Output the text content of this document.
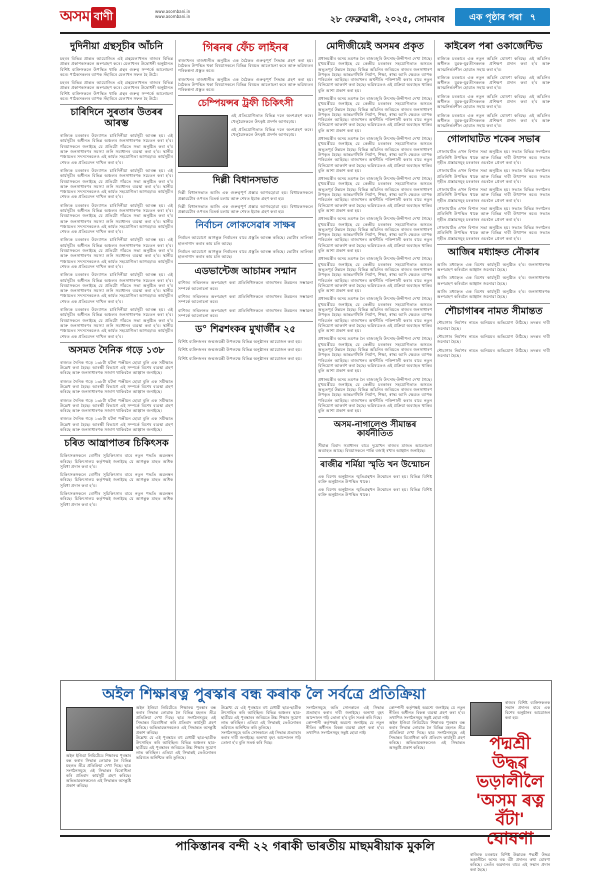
অসম বাণী	www.asombani.in
www.asombani.in	২৮ ফেব্ৰুৱাৰী, ২০২৫, সোমবাৰ	এক পৃষ্ঠাৰ পৰা ৭
দুদিনীয়া গ্ৰন্থসূচীৰ আঁচনি

চহৰৰ বিভিন্ন প্ৰান্তত আয়োজিত এই গ্ৰন্থমেলাখনত ৰাজ্যৰ বিভিন্ন প্ৰান্তৰ প্ৰকাশকসকলে অংশগ্ৰহণ কৰে। মেলাখনৰ উদ্বোধনী অনুষ্ঠানত বিশিষ্ট ব্যক্তিসকলে উপস্থিত থাকি গ্ৰন্থৰ গুৰুত্ব সম্পৰ্কে আলোচনা কৰে। পাঠকসকলৰ ব্যাপক সঁহাৰিৰে মেলাখন সফল হৈ উঠে।

চহৰৰ বিভিন্ন প্ৰান্তত আয়োজিত এই গ্ৰন্থমেলাখনত ৰাজ্যৰ বিভিন্ন প্ৰান্তৰ প্ৰকাশকসকলে অংশগ্ৰহণ কৰে। মেলাখনৰ উদ্বোধনী অনুষ্ঠানত বিশিষ্ট ব্যক্তিসকলে উপস্থিত থাকি গ্ৰন্থৰ গুৰুত্ব সম্পৰ্কে আলোচনা কৰে। পাঠকসকলৰ ব্যাপক সঁহাৰিৰে মেলাখন সফল হৈ উঠে।

চাৰিদিনে সুৰতাৰ উতৰৰ আৰম্ভ

ৰাজ্যিক চৰকাৰৰ উদ্যোগত চাৰিদিনীয়া কাৰ্যসূচী আৰম্ভ হয়। এই কাৰ্যসূচীৰ অধীনত বিভিন্ন অঞ্চলৰ জনসাধাৰণক সচেতন কৰা হ'ব। বিষয়াসকলে জনাইছে যে প্ৰতিটো গাঁৱতে সভা অনুষ্ঠিত কৰা হ'ব আৰু জনসাধাৰণৰ সমস্যা শুনি সমাধানৰ ব্যৱস্থা কৰা হ'ব। স্থানীয় পঞ্চায়তৰ সদস্যসকলেও এই কাৰ্যত সহযোগিতা আগবঢ়াব। কাৰ্যসূচীৰ শেষত এক প্ৰতিবেদন দাখিল কৰা হ'ব।

ৰাজ্যিক চৰকাৰৰ উদ্যোগত চাৰিদিনীয়া কাৰ্যসূচী আৰম্ভ হয়। এই কাৰ্যসূচীৰ অধীনত বিভিন্ন অঞ্চলৰ জনসাধাৰণক সচেতন কৰা হ'ব। বিষয়াসকলে জনাইছে যে প্ৰতিটো গাঁৱতে সভা অনুষ্ঠিত কৰা হ'ব আৰু জনসাধাৰণৰ সমস্যা শুনি সমাধানৰ ব্যৱস্থা কৰা হ'ব। স্থানীয় পঞ্চায়তৰ সদস্যসকলেও এই কাৰ্যত সহযোগিতা আগবঢ়াব। কাৰ্যসূচীৰ শেষত এক প্ৰতিবেদন দাখিল কৰা হ'ব।

ৰাজ্যিক চৰকাৰৰ উদ্যোগত চাৰিদিনীয়া কাৰ্যসূচী আৰম্ভ হয়। এই কাৰ্যসূচীৰ অধীনত বিভিন্ন অঞ্চলৰ জনসাধাৰণক সচেতন কৰা হ'ব। বিষয়াসকলে জনাইছে যে প্ৰতিটো গাঁৱতে সভা অনুষ্ঠিত কৰা হ'ব আৰু জনসাধাৰণৰ সমস্যা শুনি সমাধানৰ ব্যৱস্থা কৰা হ'ব। স্থানীয় পঞ্চায়তৰ সদস্যসকলেও এই কাৰ্যত সহযোগিতা আগবঢ়াব। কাৰ্যসূচীৰ শেষত এক প্ৰতিবেদন দাখিল কৰা হ'ব।

ৰাজ্যিক চৰকাৰৰ উদ্যোগত চাৰিদিনীয়া কাৰ্যসূচী আৰম্ভ হয়। এই কাৰ্যসূচীৰ অধীনত বিভিন্ন অঞ্চলৰ জনসাধাৰণক সচেতন কৰা হ'ব। বিষয়াসকলে জনাইছে যে প্ৰতিটো গাঁৱতে সভা অনুষ্ঠিত কৰা হ'ব আৰু জনসাধাৰণৰ সমস্যা শুনি সমাধানৰ ব্যৱস্থা কৰা হ'ব। স্থানীয় পঞ্চায়তৰ সদস্যসকলেও এই কাৰ্যত সহযোগিতা আগবঢ়াব। কাৰ্যসূচীৰ শেষত এক প্ৰতিবেদন দাখিল কৰা হ'ব।

ৰাজ্যিক চৰকাৰৰ উদ্যোগত চাৰিদিনীয়া কাৰ্যসূচী আৰম্ভ হয়। এই কাৰ্যসূচীৰ অধীনত বিভিন্ন অঞ্চলৰ জনসাধাৰণক সচেতন কৰা হ'ব। বিষয়াসকলে জনাইছে যে প্ৰতিটো গাঁৱতে সভা অনুষ্ঠিত কৰা হ'ব আৰু জনসাধাৰণৰ সমস্যা শুনি সমাধানৰ ব্যৱস্থা কৰা হ'ব। স্থানীয় পঞ্চায়তৰ সদস্যসকলেও এই কাৰ্যত সহযোগিতা আগবঢ়াব। কাৰ্যসূচীৰ শেষত এক প্ৰতিবেদন দাখিল কৰা হ'ব।

ৰাজ্যিক চৰকাৰৰ উদ্যোগত চাৰিদিনীয়া কাৰ্যসূচী আৰম্ভ হয়। এই কাৰ্যসূচীৰ অধীনত বিভিন্ন অঞ্চলৰ জনসাধাৰণক সচেতন কৰা হ'ব। বিষয়াসকলে জনাইছে যে প্ৰতিটো গাঁৱতে সভা অনুষ্ঠিত কৰা হ'ব আৰু জনসাধাৰণৰ সমস্যা শুনি সমাধানৰ ব্যৱস্থা কৰা হ'ব। স্থানীয় পঞ্চায়তৰ সদস্যসকলেও এই কাৰ্যত সহযোগিতা আগবঢ়াব। কাৰ্যসূচীৰ শেষত এক প্ৰতিবেদন দাখিল কৰা হ'ব।

অসমত দৈনিক গড়ে ১৩৮

ৰাজ্যত দৈনিক গড়ে ১৩৮টা ঘটনা পঞ্জীয়ন হোৱা বুলি এক সমীক্ষাত উল্লেখ কৰা হৈছে। আৰক্ষী বিভাগে এই সম্পৰ্কে বিশেষ ব্যৱস্থা গ্ৰহণ কৰিছে আৰু জনসাধাৰণক সজাগ থাকিবলৈ আহ্বান জনাইছে।

ৰাজ্যত দৈনিক গড়ে ১৩৮টা ঘটনা পঞ্জীয়ন হোৱা বুলি এক সমীক্ষাত উল্লেখ কৰা হৈছে। আৰক্ষী বিভাগে এই সম্পৰ্কে বিশেষ ব্যৱস্থা গ্ৰহণ কৰিছে আৰু জনসাধাৰণক সজাগ থাকিবলৈ আহ্বান জনাইছে।

ৰাজ্যত দৈনিক গড়ে ১৩৮টা ঘটনা পঞ্জীয়ন হোৱা বুলি এক সমীক্ষাত উল্লেখ কৰা হৈছে। আৰক্ষী বিভাগে এই সম্পৰ্কে বিশেষ ব্যৱস্থা গ্ৰহণ কৰিছে আৰু জনসাধাৰণক সজাগ থাকিবলৈ আহ্বান জনাইছে।

ৰাজ্যত দৈনিক গড়ে ১৩৮টা ঘটনা পঞ্জীয়ন হোৱা বুলি এক সমীক্ষাত উল্লেখ কৰা হৈছে। আৰক্ষী বিভাগে এই সম্পৰ্কে বিশেষ ব্যৱস্থা গ্ৰহণ কৰিছে আৰু জনসাধাৰণক সজাগ থাকিবলৈ আহ্বান জনাইছে।

চৰিত আন্ত্ৰাপাতৰ চিকিৎসক

চিকিৎসকসকলে ৰোগীৰ সুচিকিৎসাৰ বাবে নতুন পদ্ধতি অৱলম্বন কৰিছে। চিকিৎসালয় কৰ্তৃপক্ষই জনাইছে যে আগন্তুক মাহত অধিক সুবিধা প্ৰদান কৰা হ'ব।

চিকিৎসকসকলে ৰোগীৰ সুচিকিৎসাৰ বাবে নতুন পদ্ধতি অৱলম্বন কৰিছে। চিকিৎসালয় কৰ্তৃপক্ষই জনাইছে যে আগন্তুক মাহত অধিক সুবিধা প্ৰদান কৰা হ'ব।

চিকিৎসকসকলে ৰোগীৰ সুচিকিৎসাৰ বাবে নতুন পদ্ধতি অৱলম্বন কৰিছে। চিকিৎসালয় কৰ্তৃপক্ষই জনাইছে যে আগন্তুক মাহত অধিক সুবিধা প্ৰদান কৰা হ'ব।

গিৰনৰ ফেঁচ লাইনৰ

ৰাজ্যখনৰ ৰাজধানীত অনুষ্ঠিত এক বৈঠকত গুৰুত্বপূৰ্ণ সিদ্ধান্ত গ্ৰহণ কৰা হয়। বৈঠকত উপস্থিত থকা বিষয়াসকলে বিভিন্ন বিষয়ত আলোচনা কৰে আৰু ভৱিষ্যতৰ পৰিকল্পনা প্ৰস্তুত কৰে।

ৰাজ্যখনৰ ৰাজধানীত অনুষ্ঠিত এক বৈঠকত গুৰুত্বপূৰ্ণ সিদ্ধান্ত গ্ৰহণ কৰা হয়। বৈঠকত উপস্থিত থকা বিষয়াসকলে বিভিন্ন বিষয়ত আলোচনা কৰে আৰু ভৱিষ্যতৰ পৰিকল্পনা প্ৰস্তুত কৰে।

চেম্পিয়ন্সৰ ট্ৰফী চিকিৎসী

এই প্ৰতিযোগিতাত বিভিন্ন দলে অংশগ্ৰহণ কৰে। খেলুৱৈসকলে উৎকৃষ্ট প্ৰদৰ্শন আগবঢ়ায়।

এই প্ৰতিযোগিতাত বিভিন্ন দলে অংশগ্ৰহণ কৰে। খেলুৱৈসকলে উৎকৃষ্ট প্ৰদৰ্শন আগবঢ়ায়।

দিল্লী বিধানসভাত

দিল্লী বিধানসভাত আজি এক গুৰুত্বপূৰ্ণ প্ৰস্তাৱ আগবঢ়োৱা হয়। বিধায়কসকলে প্ৰস্তাৱটোৰ ওপৰত বিতৰ্ক চলায় আৰু শেষত ইয়াক গ্ৰহণ কৰা হয়।

দিল্লী বিধানসভাত আজি এক গুৰুত্বপূৰ্ণ প্ৰস্তাৱ আগবঢ়োৱা হয়। বিধায়কসকলে প্ৰস্তাৱটোৰ ওপৰত বিতৰ্ক চলায় আৰু শেষত ইয়াক গ্ৰহণ কৰা হয়।

নিৰ্বাচন লোকসেৱাৰ সাক্ষৰ

নিৰ্বাচন আয়োগে আগন্তুক নিৰ্বাচনৰ বাবে প্ৰস্তুতি আৰম্ভ কৰিছে। ভোটাৰ তালিকা হালনাগাদ কৰাৰ কাম চলি আছে।

নিৰ্বাচন আয়োগে আগন্তুক নিৰ্বাচনৰ বাবে প্ৰস্তুতি আৰম্ভ কৰিছে। ভোটাৰ তালিকা হালনাগাদ কৰাৰ কাম চলি আছে।

এডভান্টেজ আচামৰ সন্মান

বাণিজ্য সন্মিলনত অংশগ্ৰহণ কৰা প্ৰতিনিধিসকলে ৰাজ্যখনৰ উন্নয়নৰ সম্ভাৱনা সম্পৰ্কে আলোচনা কৰে।

বাণিজ্য সন্মিলনত অংশগ্ৰহণ কৰা প্ৰতিনিধিসকলে ৰাজ্যখনৰ উন্নয়নৰ সম্ভাৱনা সম্পৰ্কে আলোচনা কৰে।

বাণিজ্য সন্মিলনত অংশগ্ৰহণ কৰা প্ৰতিনিধিসকলে ৰাজ্যখনৰ উন্নয়নৰ সম্ভাৱনা সম্পৰ্কে আলোচনা কৰে।

ড° শিৱশংকৰ মুখাৰ্জীৰ ২৫

বিশিষ্ট ব্যক্তিজনৰ জন্মজয়ন্তী উপলক্ষে বিভিন্ন অনুষ্ঠানৰ আয়োজন কৰা হয়।

বিশিষ্ট ব্যক্তিজনৰ জন্মজয়ন্তী উপলক্ষে বিভিন্ন অনুষ্ঠানৰ আয়োজন কৰা হয়।

বিশিষ্ট ব্যক্তিজনৰ জন্মজয়ন্তী উপলক্ষে বিভিন্ন অনুষ্ঠানৰ আয়োজন কৰা হয়।

মোদীজীয়েই অসমৰ প্ৰকৃত

প্ৰধানমন্ত্ৰীৰ অসম ভ্ৰমণক লৈ ৰাজ্যজুৰি উৎসাহ-উদ্দীপনা দেখা গৈছে। মুখ্যমন্ত্ৰীয়ে জনাইছে যে কেন্দ্ৰীয় চৰকাৰৰ সহযোগিতাত অসমত অভূতপূৰ্ব উন্নয়ন হৈছে। বিভিন্ন আঁচনিৰ জৰিয়তে ৰাজ্যৰ জনসাধাৰণ উপকৃত হৈছে। আন্তঃগাঁথনি নিৰ্মাণ, শিক্ষা, স্বাস্থ্য আদি ক্ষেত্ৰত ব্যাপক পৰিৱৰ্তন আহিছে। ৰাজ্যখনৰ অৰ্থনীতি শক্তিশালী কৰাৰ বাবে নতুন বিনিয়োগ আকৰ্ষণ কৰা হৈছে। ভৱিষ্যতেও এই প্ৰক্ৰিয়া অব্যাহত থাকিব বুলি আশা প্ৰকাশ কৰা হয়।

প্ৰধানমন্ত্ৰীৰ অসম ভ্ৰমণক লৈ ৰাজ্যজুৰি উৎসাহ-উদ্দীপনা দেখা গৈছে। মুখ্যমন্ত্ৰীয়ে জনাইছে যে কেন্দ্ৰীয় চৰকাৰৰ সহযোগিতাত অসমত অভূতপূৰ্ব উন্নয়ন হৈছে। বিভিন্ন আঁচনিৰ জৰিয়তে ৰাজ্যৰ জনসাধাৰণ উপকৃত হৈছে। আন্তঃগাঁথনি নিৰ্মাণ, শিক্ষা, স্বাস্থ্য আদি ক্ষেত্ৰত ব্যাপক পৰিৱৰ্তন আহিছে। ৰাজ্যখনৰ অৰ্থনীতি শক্তিশালী কৰাৰ বাবে নতুন বিনিয়োগ আকৰ্ষণ কৰা হৈছে। ভৱিষ্যতেও এই প্ৰক্ৰিয়া অব্যাহত থাকিব বুলি আশা প্ৰকাশ কৰা হয়।

প্ৰধানমন্ত্ৰীৰ অসম ভ্ৰমণক লৈ ৰাজ্যজুৰি উৎসাহ-উদ্দীপনা দেখা গৈছে। মুখ্যমন্ত্ৰীয়ে জনাইছে যে কেন্দ্ৰীয় চৰকাৰৰ সহযোগিতাত অসমত অভূতপূৰ্ব উন্নয়ন হৈছে। বিভিন্ন আঁচনিৰ জৰিয়তে ৰাজ্যৰ জনসাধাৰণ উপকৃত হৈছে। আন্তঃগাঁথনি নিৰ্মাণ, শিক্ষা, স্বাস্থ্য আদি ক্ষেত্ৰত ব্যাপক পৰিৱৰ্তন আহিছে। ৰাজ্যখনৰ অৰ্থনীতি শক্তিশালী কৰাৰ বাবে নতুন বিনিয়োগ আকৰ্ষণ কৰা হৈছে। ভৱিষ্যতেও এই প্ৰক্ৰিয়া অব্যাহত থাকিব বুলি আশা প্ৰকাশ কৰা হয়।

প্ৰধানমন্ত্ৰীৰ অসম ভ্ৰমণক লৈ ৰাজ্যজুৰি উৎসাহ-উদ্দীপনা দেখা গৈছে। মুখ্যমন্ত্ৰীয়ে জনাইছে যে কেন্দ্ৰীয় চৰকাৰৰ সহযোগিতাত অসমত অভূতপূৰ্ব উন্নয়ন হৈছে। বিভিন্ন আঁচনিৰ জৰিয়তে ৰাজ্যৰ জনসাধাৰণ উপকৃত হৈছে। আন্তঃগাঁথনি নিৰ্মাণ, শিক্ষা, স্বাস্থ্য আদি ক্ষেত্ৰত ব্যাপক পৰিৱৰ্তন আহিছে। ৰাজ্যখনৰ অৰ্থনীতি শক্তিশালী কৰাৰ বাবে নতুন বিনিয়োগ আকৰ্ষণ কৰা হৈছে। ভৱিষ্যতেও এই প্ৰক্ৰিয়া অব্যাহত থাকিব বুলি আশা প্ৰকাশ কৰা হয়।

প্ৰধানমন্ত্ৰীৰ অসম ভ্ৰমণক লৈ ৰাজ্যজুৰি উৎসাহ-উদ্দীপনা দেখা গৈছে। মুখ্যমন্ত্ৰীয়ে জনাইছে যে কেন্দ্ৰীয় চৰকাৰৰ সহযোগিতাত অসমত অভূতপূৰ্ব উন্নয়ন হৈছে। বিভিন্ন আঁচনিৰ জৰিয়তে ৰাজ্যৰ জনসাধাৰণ উপকৃত হৈছে। আন্তঃগাঁথনি নিৰ্মাণ, শিক্ষা, স্বাস্থ্য আদি ক্ষেত্ৰত ব্যাপক পৰিৱৰ্তন আহিছে। ৰাজ্যখনৰ অৰ্থনীতি শক্তিশালী কৰাৰ বাবে নতুন বিনিয়োগ আকৰ্ষণ কৰা হৈছে। ভৱিষ্যতেও এই প্ৰক্ৰিয়া অব্যাহত থাকিব বুলি আশা প্ৰকাশ কৰা হয়।

প্ৰধানমন্ত্ৰীৰ অসম ভ্ৰমণক লৈ ৰাজ্যজুৰি উৎসাহ-উদ্দীপনা দেখা গৈছে। মুখ্যমন্ত্ৰীয়ে জনাইছে যে কেন্দ্ৰীয় চৰকাৰৰ সহযোগিতাত অসমত অভূতপূৰ্ব উন্নয়ন হৈছে। বিভিন্ন আঁচনিৰ জৰিয়তে ৰাজ্যৰ জনসাধাৰণ উপকৃত হৈছে। আন্তঃগাঁথনি নিৰ্মাণ, শিক্ষা, স্বাস্থ্য আদি ক্ষেত্ৰত ব্যাপক পৰিৱৰ্তন আহিছে। ৰাজ্যখনৰ অৰ্থনীতি শক্তিশালী কৰাৰ বাবে নতুন বিনিয়োগ আকৰ্ষণ কৰা হৈছে। ভৱিষ্যতেও এই প্ৰক্ৰিয়া অব্যাহত থাকিব বুলি আশা প্ৰকাশ কৰা হয়।

প্ৰধানমন্ত্ৰীৰ অসম ভ্ৰমণক লৈ ৰাজ্যজুৰি উৎসাহ-উদ্দীপনা দেখা গৈছে। মুখ্যমন্ত্ৰীয়ে জনাইছে যে কেন্দ্ৰীয় চৰকাৰৰ সহযোগিতাত অসমত অভূতপূৰ্ব উন্নয়ন হৈছে। বিভিন্ন আঁচনিৰ জৰিয়তে ৰাজ্যৰ জনসাধাৰণ উপকৃত হৈছে। আন্তঃগাঁথনি নিৰ্মাণ, শিক্ষা, স্বাস্থ্য আদি ক্ষেত্ৰত ব্যাপক পৰিৱৰ্তন আহিছে। ৰাজ্যখনৰ অৰ্থনীতি শক্তিশালী কৰাৰ বাবে নতুন বিনিয়োগ আকৰ্ষণ কৰা হৈছে। ভৱিষ্যতেও এই প্ৰক্ৰিয়া অব্যাহত থাকিব বুলি আশা প্ৰকাশ কৰা হয়।

প্ৰধানমন্ত্ৰীৰ অসম ভ্ৰমণক লৈ ৰাজ্যজুৰি উৎসাহ-উদ্দীপনা দেখা গৈছে। মুখ্যমন্ত্ৰীয়ে জনাইছে যে কেন্দ্ৰীয় চৰকাৰৰ সহযোগিতাত অসমত অভূতপূৰ্ব উন্নয়ন হৈছে। বিভিন্ন আঁচনিৰ জৰিয়তে ৰাজ্যৰ জনসাধাৰণ উপকৃত হৈছে। আন্তঃগাঁথনি নিৰ্মাণ, শিক্ষা, স্বাস্থ্য আদি ক্ষেত্ৰত ব্যাপক পৰিৱৰ্তন আহিছে। ৰাজ্যখনৰ অৰ্থনীতি শক্তিশালী কৰাৰ বাবে নতুন বিনিয়োগ আকৰ্ষণ কৰা হৈছে। ভৱিষ্যতেও এই প্ৰক্ৰিয়া অব্যাহত থাকিব বুলি আশা প্ৰকাশ কৰা হয়।

প্ৰধানমন্ত্ৰীৰ অসম ভ্ৰমণক লৈ ৰাজ্যজুৰি উৎসাহ-উদ্দীপনা দেখা গৈছে। মুখ্যমন্ত্ৰীয়ে জনাইছে যে কেন্দ্ৰীয় চৰকাৰৰ সহযোগিতাত অসমত অভূতপূৰ্ব উন্নয়ন হৈছে। বিভিন্ন আঁচনিৰ জৰিয়তে ৰাজ্যৰ জনসাধাৰণ উপকৃত হৈছে। আন্তঃগাঁথনি নিৰ্মাণ, শিক্ষা, স্বাস্থ্য আদি ক্ষেত্ৰত ব্যাপক পৰিৱৰ্তন আহিছে। ৰাজ্যখনৰ অৰ্থনীতি শক্তিশালী কৰাৰ বাবে নতুন বিনিয়োগ আকৰ্ষণ কৰা হৈছে। ভৱিষ্যতেও এই প্ৰক্ৰিয়া অব্যাহত থাকিব বুলি আশা প্ৰকাশ কৰা হয়।

অসম-নাগালেণ্ড সীমান্তৰ কাৰ্যনীতিত

সীমান্ত বিবাদ সমাধানৰ বাবে দুয়োখন ৰাজ্যৰ মাজত আলোচনা অব্যাহত আছে। বিষয়াসকলে শান্তি বজাই ৰখাৰ আহ্বান জনাইছে।

ৰাজীৱ শৰ্মিয়া স্মৃতি খন উন্মোচন

এক বিশেষ অনুষ্ঠানত স্মৃতিগ্ৰন্থখন উন্মোচন কৰা হয়। বিভিন্ন বিশিষ্ট ব্যক্তি অনুষ্ঠানত উপস্থিত থাকে।

এক বিশেষ অনুষ্ঠানত স্মৃতিগ্ৰন্থখন উন্মোচন কৰা হয়। বিভিন্ন বিশিষ্ট ব্যক্তি অনুষ্ঠানত উপস্থিত থাকে।

কাইৰেল পৰা ওকাজেন্টিভ

ৰাজ্যিক চৰকাৰে এক নতুন আঁচনি ঘোষণা কৰিছে। এই আঁচনিৰ অধীনত যুৱক-যুৱতীসকলক প্ৰশিক্ষণ প্ৰদান কৰা হ'ব আৰু আত্মনিৰ্ভৰশীল হোৱাত সহায় কৰা হ'ব।

ৰাজ্যিক চৰকাৰে এক নতুন আঁচনি ঘোষণা কৰিছে। এই আঁচনিৰ অধীনত যুৱক-যুৱতীসকলক প্ৰশিক্ষণ প্ৰদান কৰা হ'ব আৰু আত্মনিৰ্ভৰশীল হোৱাত সহায় কৰা হ'ব।

ৰাজ্যিক চৰকাৰে এক নতুন আঁচনি ঘোষণা কৰিছে। এই আঁচনিৰ অধীনত যুৱক-যুৱতীসকলক প্ৰশিক্ষণ প্ৰদান কৰা হ'ব আৰু আত্মনিৰ্ভৰশীল হোৱাত সহায় কৰা হ'ব।

ৰাজ্যিক চৰকাৰে এক নতুন আঁচনি ঘোষণা কৰিছে। এই আঁচনিৰ অধীনত যুৱক-যুৱতীসকলক প্ৰশিক্ষণ প্ৰদান কৰা হ'ব আৰু আত্মনিৰ্ভৰশীল হোৱাত সহায় কৰা হ'ব।

গোলাঘাটত শকেৰ সভাৰ

গোলাঘাটত এখন বিশাল সভা অনুষ্ঠিত হয়। সভাত বিভিন্ন সংগঠনৰ প্ৰতিনিধি উপস্থিত থাকে আৰু বিভিন্ন দাবী উত্থাপন কৰে। সভাত গৃহীত প্ৰস্তাৱসমূহ চৰকাৰৰ ওচৰলৈ প্ৰেৰণ কৰা হ'ব।

গোলাঘাটত এখন বিশাল সভা অনুষ্ঠিত হয়। সভাত বিভিন্ন সংগঠনৰ প্ৰতিনিধি উপস্থিত থাকে আৰু বিভিন্ন দাবী উত্থাপন কৰে। সভাত গৃহীত প্ৰস্তাৱসমূহ চৰকাৰৰ ওচৰলৈ প্ৰেৰণ কৰা হ'ব।

গোলাঘাটত এখন বিশাল সভা অনুষ্ঠিত হয়। সভাত বিভিন্ন সংগঠনৰ প্ৰতিনিধি উপস্থিত থাকে আৰু বিভিন্ন দাবী উত্থাপন কৰে। সভাত গৃহীত প্ৰস্তাৱসমূহ চৰকাৰৰ ওচৰলৈ প্ৰেৰণ কৰা হ'ব।

গোলাঘাটত এখন বিশাল সভা অনুষ্ঠিত হয়। সভাত বিভিন্ন সংগঠনৰ প্ৰতিনিধি উপস্থিত থাকে আৰু বিভিন্ন দাবী উত্থাপন কৰে। সভাত গৃহীত প্ৰস্তাৱসমূহ চৰকাৰৰ ওচৰলৈ প্ৰেৰণ কৰা হ'ব।

গোলাঘাটত এখন বিশাল সভা অনুষ্ঠিত হয়। সভাত বিভিন্ন সংগঠনৰ প্ৰতিনিধি উপস্থিত থাকে আৰু বিভিন্ন দাবী উত্থাপন কৰে। সভাত গৃহীত প্ৰস্তাৱসমূহ চৰকাৰৰ ওচৰলৈ প্ৰেৰণ কৰা হ'ব।

আজিৰ মধ্যাহ্নত নৌকাৰ

আজি মধ্যাহ্নত এক বিশেষ কাৰ্যসূচী অনুষ্ঠিত হ'ব। জনসাধাৰণক অংশগ্ৰহণ কৰিবলৈ আহ্বান জনোৱা হৈছে।

আজি মধ্যাহ্নত এক বিশেষ কাৰ্যসূচী অনুষ্ঠিত হ'ব। জনসাধাৰণক অংশগ্ৰহণ কৰিবলৈ আহ্বান জনোৱা হৈছে।

আজি মধ্যাহ্নত এক বিশেষ কাৰ্যসূচী অনুষ্ঠিত হ'ব। জনসাধাৰণক অংশগ্ৰহণ কৰিবলৈ আহ্বান জনোৱা হৈছে।

শৌচাগাৰৰ নামত সীমান্তত

শৌচাগাৰ নিৰ্মাণৰ নামত অনিয়মৰ অভিযোগ উঠিছে। তদন্তৰ দাবী জনোৱা হৈছে।

শৌচাগাৰ নিৰ্মাণৰ নামত অনিয়মৰ অভিযোগ উঠিছে। তদন্তৰ দাবী জনোৱা হৈছে।

শৌচাগাৰ নিৰ্মাণৰ নামত অনিয়মৰ অভিযোগ উঠিছে। তদন্তৰ দাবী জনোৱা হৈছে।

অইল শিক্ষাৰত্ন পুৰস্কাৰ বন্ধ কৰাক লৈ সৰ্বত্ৰে প্ৰতিক্ৰিয়া
অইল ইণ্ডিয়া লিমিটেডে শিক্ষাৰত্ন পুৰস্কাৰ বন্ধ কৰাৰ সিদ্ধান্ত লোৱাক লৈ বিভিন্ন মহলত তীব্ৰ প্ৰতিক্ৰিয়া দেখা দিছে। ছাত্ৰ সংগঠনসমূহে এই সিদ্ধান্তৰ বিৰোধিতা কৰি প্ৰতিবাদ কাৰ্যসূচী গ্ৰহণ কৰিছে। অভিভাৱকসকলেও এই সিদ্ধান্তত অসন্তুষ্টি প্ৰকাশ কৰিছে।
অইল ইণ্ডিয়া লিমিটেডে শিক্ষাৰত্ন পুৰস্কাৰ বন্ধ কৰাৰ সিদ্ধান্ত লোৱাক লৈ বিভিন্ন মহলত তীব্ৰ প্ৰতিক্ৰিয়া দেখা দিছে। ছাত্ৰ সংগঠনসমূহে এই সিদ্ধান্তৰ বিৰোধিতা কৰি প্ৰতিবাদ কাৰ্যসূচী গ্ৰহণ কৰিছে। অভিভাৱকসকলেও এই সিদ্ধান্তত অসন্তুষ্টি প্ৰকাশ কৰিছে।
উল্লেখ্য যে এই পুৰস্কাৰে বহু মেধাৱী ছাত্ৰ-ছাত্ৰীক উৎসাহিত কৰি আহিছিল। বিভিন্ন অঞ্চলৰ ছাত্ৰ-ছাত্ৰীয়ে এই পুৰস্কাৰৰ জৰিয়তে উচ্চ শিক্ষাৰ সুযোগ লাভ কৰিছিল। এতিয়া এই সিদ্ধান্তই তেওঁলোকৰ ভৱিষ্যত অনিশ্চিত কৰি তুলিছে।
উল্লেখ্য যে এই পুৰস্কাৰে বহু মেধাৱী ছাত্ৰ-ছাত্ৰীক উৎসাহিত কৰি আহিছিল। বিভিন্ন অঞ্চলৰ ছাত্ৰ-ছাত্ৰীয়ে এই পুৰস্কাৰৰ জৰিয়তে উচ্চ শিক্ষাৰ সুযোগ লাভ কৰিছিল। এতিয়া এই সিদ্ধান্তই তেওঁলোকৰ ভৱিষ্যত অনিশ্চিত কৰি তুলিছে।
সংগঠনসমূহে অতি সোনকালে এই সিদ্ধান্ত প্ৰত্যাহাৰ কৰাৰ দাবী জনাইছে। অন্যথা বৃহৎ আন্দোলন গঢ়ি তোলা হ'ব বুলি সতৰ্ক কৰি দিছে।
সংগঠনসমূহে অতি সোনকালে এই সিদ্ধান্ত প্ৰত্যাহাৰ কৰাৰ দাবী জনাইছে। অন্যথা বৃহৎ আন্দোলন গঢ়ি তোলা হ'ব বুলি সতৰ্ক কৰি দিছে।
কোম্পানী কৰ্তৃপক্ষই অৱশ্যে জনাইছে যে নতুন নীতিৰ অধীনত বিকল্প ব্যৱস্থা গ্ৰহণ কৰা হ'ব। তথাপিও সংগঠনসমূহ সন্তুষ্ট হোৱা নাই।
কোম্পানী কৰ্তৃপক্ষই অৱশ্যে জনাইছে যে নতুন নীতিৰ অধীনত বিকল্প ব্যৱস্থা গ্ৰহণ কৰা হ'ব। তথাপিও সংগঠনসমূহ সন্তুষ্ট হোৱা নাই।
অইল ইণ্ডিয়া লিমিটেডে শিক্ষাৰত্ন পুৰস্কাৰ বন্ধ কৰাৰ সিদ্ধান্ত লোৱাক লৈ বিভিন্ন মহলত তীব্ৰ প্ৰতিক্ৰিয়া দেখা দিছে। ছাত্ৰ সংগঠনসমূহে এই সিদ্ধান্তৰ বিৰোধিতা কৰি প্ৰতিবাদ কাৰ্যসূচী গ্ৰহণ কৰিছে। অভিভাৱকসকলেও এই সিদ্ধান্তত অসন্তুষ্টি প্ৰকাশ কৰিছে।
ৰাজ্যৰ বিশিষ্ট ব্যক্তিসকলক সন্মান প্ৰদানৰ বাবে এক বিশেষ অনুষ্ঠানৰ আয়োজন কৰা হয়।
পদ্মশ্ৰী উদ্ধৱ ভড়ালীলৈ 'অসম ৰত্ন বঁটা' ঘোষণা
ৰাজ্যিক চৰকাৰে বিশিষ্ট উদ্ভাৱক পদ্মশ্ৰী উদ্ধৱ ভড়ালীলৈ অসম ৰত্ন বঁটা প্ৰদানৰ কথা ঘোষণা কৰিছে। তেওঁৰ অৱদানৰ বাবে এই সন্মান প্ৰদান কৰা হৈছে।
পাকিস্তানৰ বন্দী ২২ গৰাকী ভাৰতীয় মাছমৰীয়াক মুকলি
